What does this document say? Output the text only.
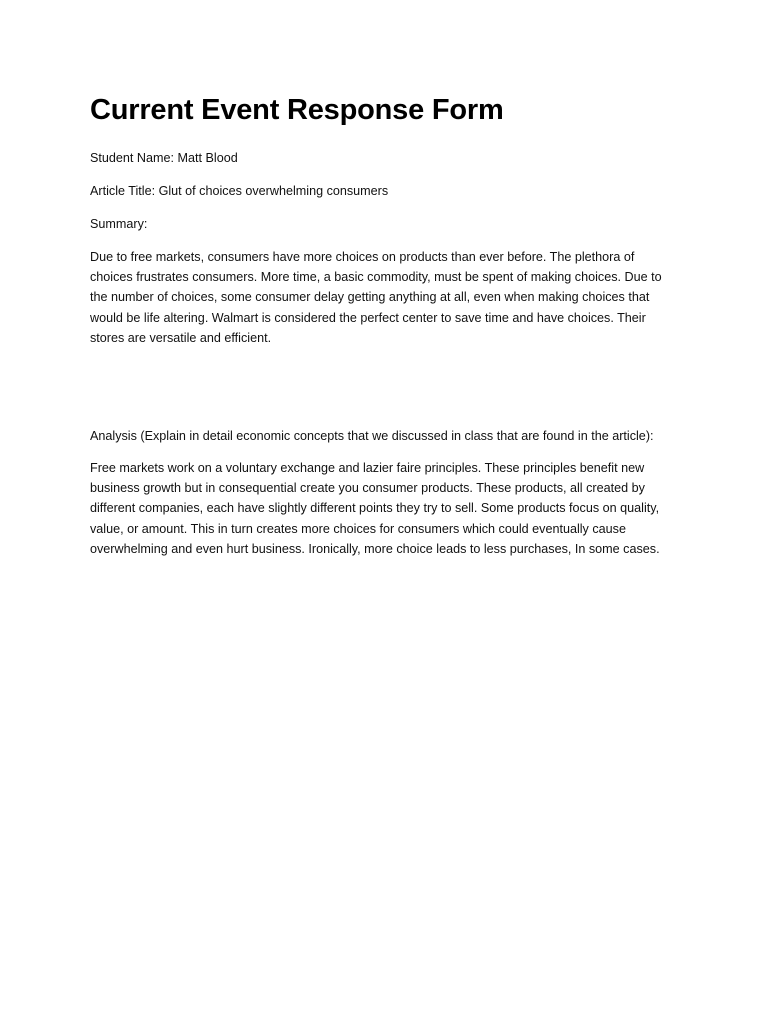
Current Event Response Form

Student Name: Matt Blood

Article Title: Glut of choices overwhelming consumers

Summary:

Due to free markets, consumers have more choices on products than ever before. The plethora of choices frustrates consumers. More time, a basic commodity, must be spent of making choices. Due to the number of choices, some consumer delay getting anything at all, even when making choices that would be life altering. Walmart is considered the perfect center to save time and have choices. Their stores are versatile and efficient.

Analysis (Explain in detail economic concepts that we discussed in class that are found in the article):

Free markets work on a voluntary exchange and lazier faire principles. These principles benefit new business growth but in consequential create you consumer products. These products, all created by different companies, each have slightly different points they try to sell. Some products focus on quality, value, or amount. This in turn creates more choices for consumers which could eventually cause overwhelming and even hurt business. Ironically, more choice leads to less purchases, In some cases.
